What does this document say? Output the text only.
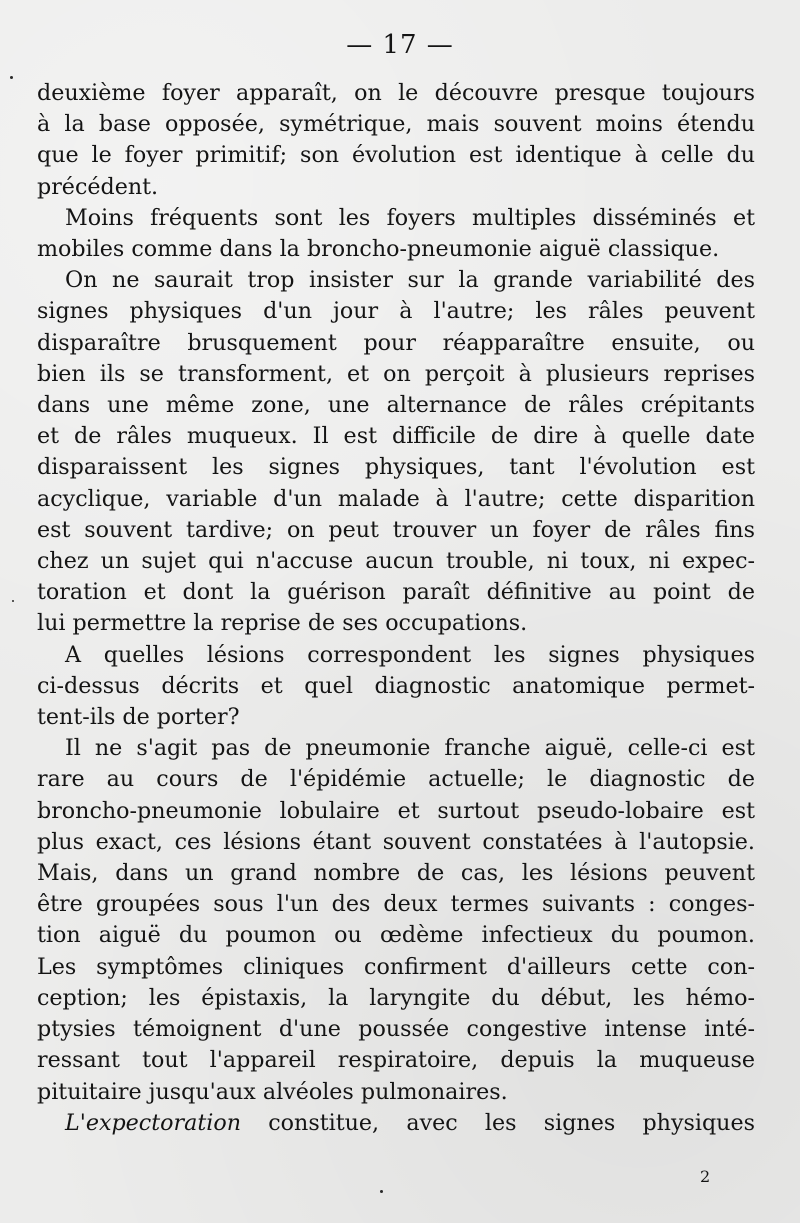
— 17 —
deuxième foyer apparaît, on le découvre presque toujours
à la base opposée, symétrique, mais souvent moins étendu
que le foyer primitif; son évolution est identique à celle du
précédent.
Moins fréquents sont les foyers multiples disséminés et
mobiles comme dans la broncho-pneumonie aiguë classique.
On ne saurait trop insister sur la grande variabilité des
signes physiques d'un jour à l'autre; les râles peuvent
disparaître brusquement pour réapparaître ensuite, ou
bien ils se transforment, et on perçoit à plusieurs reprises
dans une même zone, une alternance de râles crépitants
et de râles muqueux. Il est difficile de dire à quelle date
disparaissent les signes physiques, tant l'évolution est
acyclique, variable d'un malade à l'autre; cette disparition
est souvent tardive; on peut trouver un foyer de râles fins
chez un sujet qui n'accuse aucun trouble, ni toux, ni expec-
toration et dont la guérison paraît définitive au point de
lui permettre la reprise de ses occupations.
A quelles lésions correspondent les signes physiques
ci-dessus décrits et quel diagnostic anatomique permet-
tent-ils de porter?
Il ne s'agit pas de pneumonie franche aiguë, celle-ci est
rare au cours de l'épidémie actuelle; le diagnostic de
broncho-pneumonie lobulaire et surtout pseudo-lobaire est
plus exact, ces lésions étant souvent constatées à l'autopsie.
Mais, dans un grand nombre de cas, les lésions peuvent
être groupées sous l'un des deux termes suivants : conges-
tion aiguë du poumon ou œdème infectieux du poumon.
Les symptômes cliniques confirment d'ailleurs cette con-
ception; les épistaxis, la laryngite du début, les hémo-
ptysies témoignent d'une poussée congestive intense inté-
ressant tout l'appareil respiratoire, depuis la muqueuse
pituitaire jusqu'aux alvéoles pulmonaires.
L'expectoration constitue, avec les signes physiques
2
